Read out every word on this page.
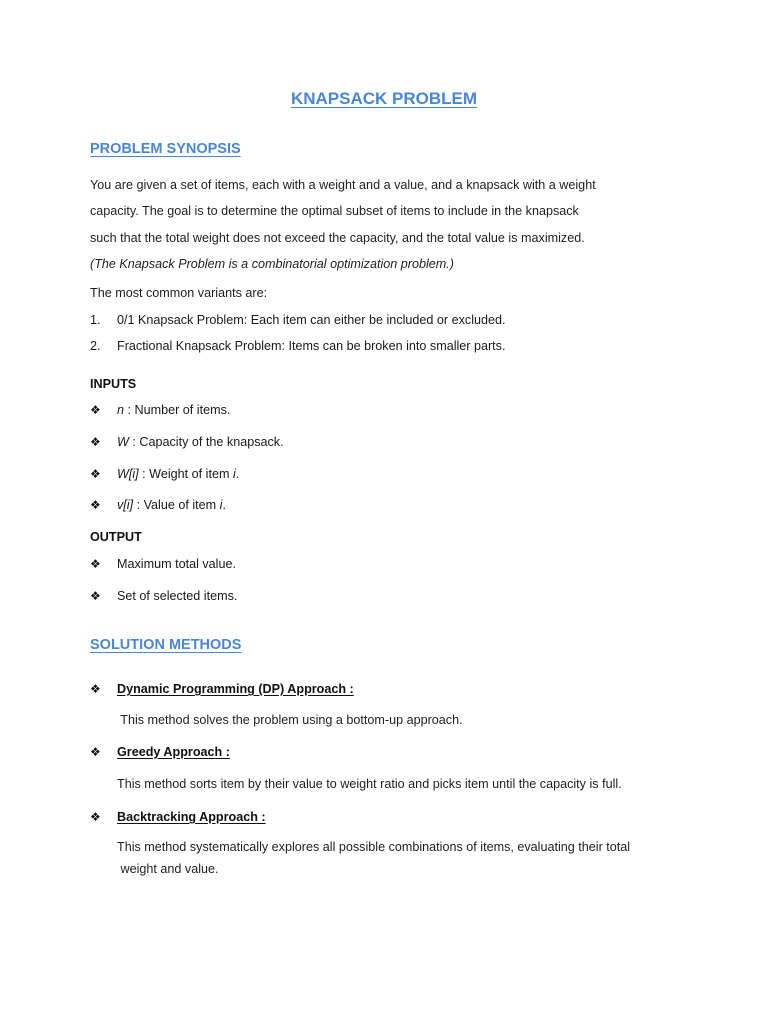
KNAPSACK PROBLEM
PROBLEM SYNOPSIS
You are given a set of items, each with a weight and a value, and a knapsack with a weight
capacity. The goal is to determine the optimal subset of items to include in the knapsack
such that the total weight does not exceed the capacity, and the total value is maximized.
(The Knapsack Problem is a combinatorial optimization problem.)
The most common variants are:
1. 0/1 Knapsack Problem: Each item can either be included or excluded.
2. Fractional Knapsack Problem: Items can be broken into smaller parts.
INPUTS
❖ n : Number of items.
❖ W : Capacity of the knapsack.
❖ W[i] : Weight of item i.
❖ v[i] : Value of item i.
OUTPUT
❖ Maximum total value.
❖ Set of selected items.
SOLUTION METHODS
❖ Dynamic Programming (DP) Approach :
This method solves the problem using a bottom-up approach.
❖ Greedy Approach :
This method sorts item by their value to weight ratio and picks item until the capacity is full.
❖ Backtracking Approach :
This method systematically explores all possible combinations of items, evaluating their total
weight and value.
